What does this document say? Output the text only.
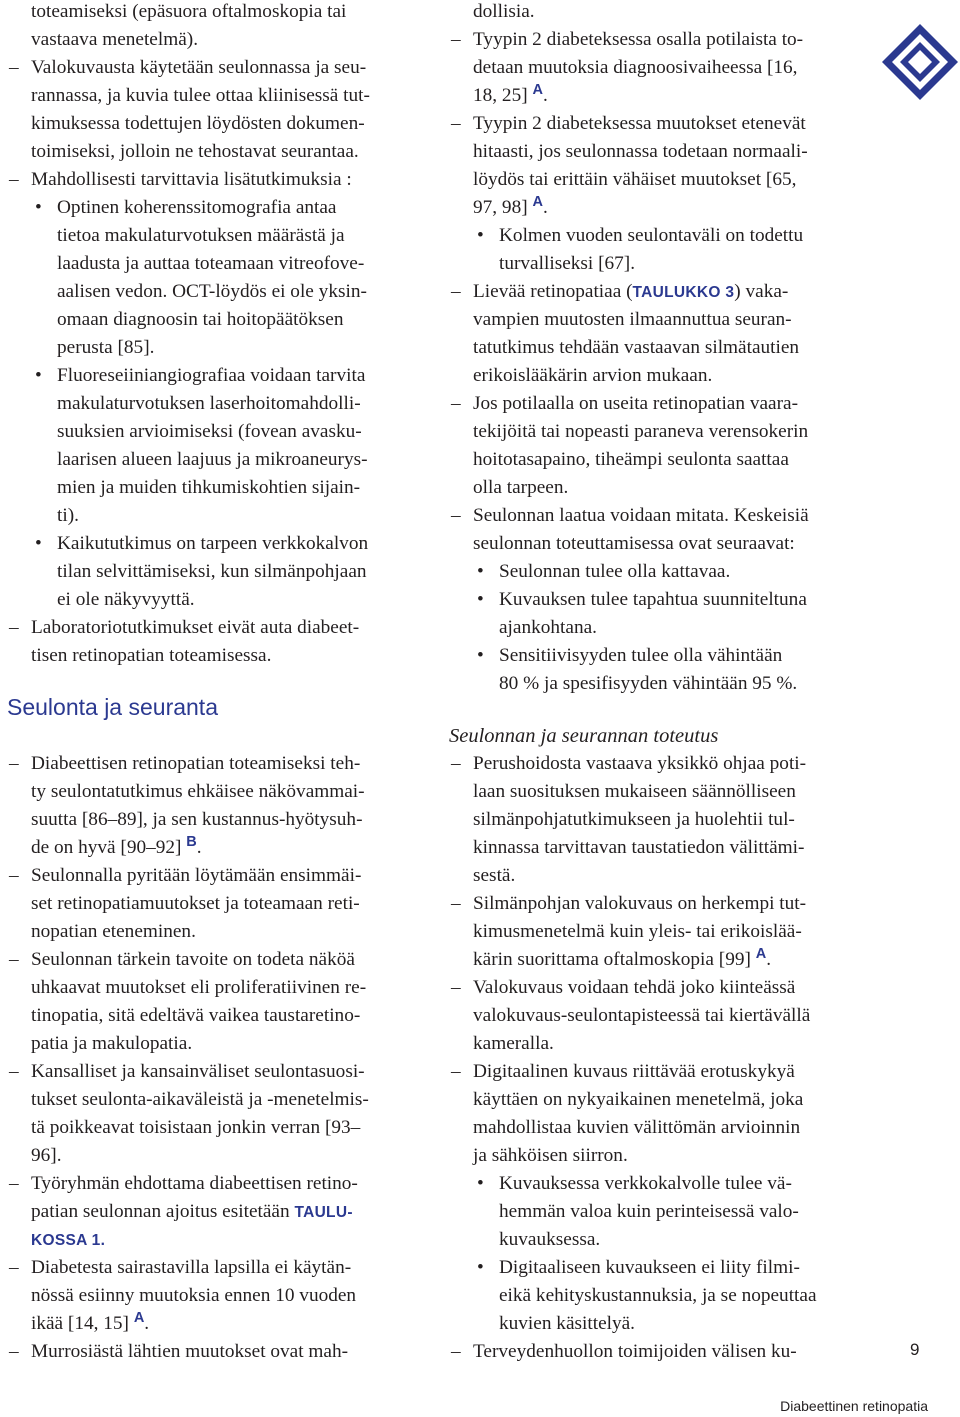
toteamiseksi (epäsuora oftalmoskopia tai
vastaava menetelmä).
– Valokuvausta käytetään seulonnassa ja seu-
rannassa, ja kuvia tulee ottaa kliinisessä tut-
kimuksessa todettujen löydösten dokumen-
toimiseksi, jolloin ne tehostavat seurantaa.
– Mahdollisesti tarvittavia lisätutkimuksia :
• Optinen koherenssitomografia antaa
tietoa makulaturvotuksen määrästä ja
laadusta ja auttaa toteamaan vitreofove-
aalisen vedon. OCT-löydös ei ole yksin-
omaan diagnoosin tai hoitopäätöksen
perusta [85].
• Fluoreseiiniangiografiaa voidaan tarvita
makulaturvotuksen laserhoitomahdolli-
suuksien arvioimiseksi (fovean avasku-
laarisen alueen laajuus ja mikroaneurys-
mien ja muiden tihkumiskohtien sijain-
ti).
• Kaikututkimus on tarpeen verkkokalvon
tilan selvittämiseksi, kun silmänpohjaan
ei ole näkyvyyttä.
– Laboratoriotutkimukset eivät auta diabeet-
tisen retinopatian toteamisessa.
– Diabeettisen retinopatian toteamiseksi teh-
ty seulontatutkimus ehkäisee näkövammai-
suutta [86–89], ja sen kustannus-hyötysuh-
de on hyvä [90–92] $^B$.
– Seulonnalla pyritään löytämään ensimmäi-
set retinopatiamuutokset ja toteamaan reti-
nopatian eteneminen.
– Seulonnan tärkein tavoite on todeta näköä
uhkaavat muutokset eli proliferatiivinen re-
tinopatia, sitä edeltävä vaikea taustaretino-
patia ja makulopatia.
– Kansalliset ja kansainväliset seulontasuosi-
tukset seulonta-aikaväleistä ja -menetelmis-
tä poikkeavat toisistaan jonkin verran [93–
96].
– Työryhmän ehdottama diabeettisen retino-
patian seulonnan ajoitus esitetään TAULU-
KOSSA 1.
– Diabetesta sairastavilla lapsilla ei käytän-
nössä esiinny muutoksia ennen 10 vuoden
ikää [14, 15] $^A$.
– Murrosiästä lähtien muutokset ovat mah-
Seulonta ja seuranta
dollisia.
– Tyypin 2 diabeteksessa osalla potilaista to-
detaan muutoksia diagnoosivaiheessa [16,
18, 25] $^A$.
– Tyypin 2 diabeteksessa muutokset etenevät
hitaasti, jos seulonnassa todetaan normaali-
löydös tai erittäin vähäiset muutokset [65,
97, 98] $^A$.
• Kolmen vuoden seulontaväli on todettu
turvalliseksi [67].
– Lievää retinopatiaa (TAULUKKO 3) vaka-
vampien muutosten ilmaannuttua seuran-
tatutkimus tehdään vastaavan silmätautien
erikoislääkärin arvion mukaan.
– Jos potilaalla on useita retinopatian vaara-
tekijöitä tai nopeasti paraneva verensokerin
hoitotasapaino, tiheämpi seulonta saattaa
olla tarpeen.
– Seulonnan laatua voidaan mitata. Keskeisiä
seulonnan toteuttamisessa ovat seuraavat:
• Seulonnan tulee olla kattavaa.
• Kuvauksen tulee tapahtua suunniteltuna
ajankohtana.
• Sensitiivisyyden tulee olla vähintään
80 % ja spesifisyyden vähintään 95 %.
– Perushoidosta vastaava yksikkö ohjaa poti-
laan suosituksen mukaiseen säännölliseen
silmänpohjatutkimukseen ja huolehtii tul-
kinnassa tarvittavan taustatiedon välittämi-
sestä.
– Silmänpohjan valokuvaus on herkempi tut-
kimusmenetelmä kuin yleis- tai erikoislää-
kärin suorittama oftalmoskopia [99] $^A$.
– Valokuvaus voidaan tehdä joko kiinteässä
valokuvaus-seulontapisteessä tai kiertävällä
kameralla.
– Digitaalinen kuvaus riittävää erotuskykyä
käyttäen on nykyaikainen menetelmä, joka
mahdollistaa kuvien välittömän arvioinnin
ja sähköisen siirron.
• Kuvauksessa verkkokalvolle tulee vä-
hemmän valoa kuin perinteisessä valo-
kuvauksessa.
• Digitaaliseen kuvaukseen ei liity filmi-
eikä kehityskustannuksia, ja se nopeuttaa
kuvien käsittelyä.
– Terveydenhuollon toimijoiden välisen ku-
Seulonnan ja seurannan toteutus
9
Diabeettinen retinopatia
